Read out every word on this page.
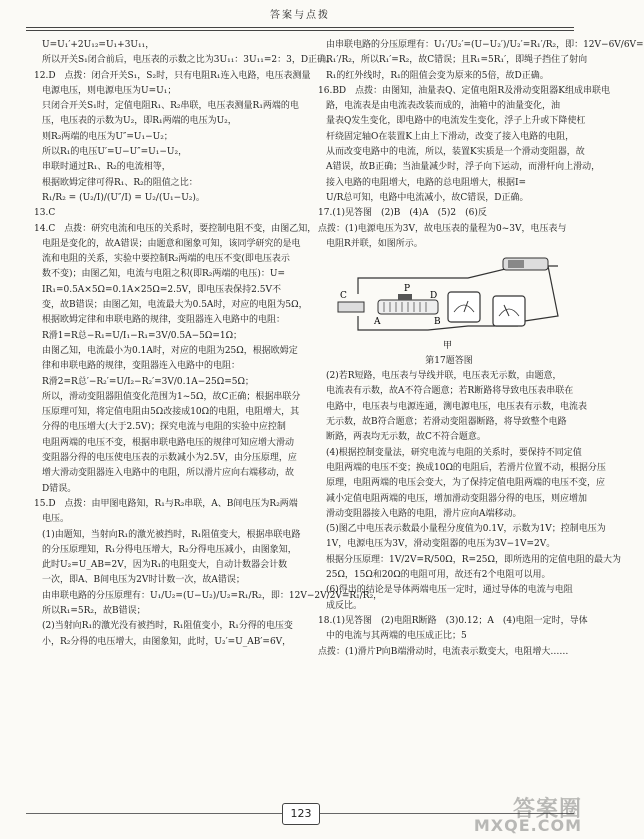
答案与点拨
U=U₁′+2U₁₂=U₁+3U₁₁，
所以开关S₁闭合前后，电压表的示数之比为3U₁₁：3U₁₁=2：3，D正确。
12.D　点拨：闭合开关S₁，S₂时，只有电阻R₁连入电路，电压表测量
电源电压，则电源电压为U=U₁；
只闭合开关S₁时，定值电阻R₁、R₂串联，电压表测量R₁两端的电
压，电压表的示数为U₂，即R₁两端的电压为U₂，
则R₂两端的电压为U″=U₁−U₂；
所以R₁的电压U′=U−U″=U₁−U₂，
串联时通过R₁、R₂的电流相等，
根据欧姆定律可得R₁、R₂的阻值之比：
R₁/R₂ = (U₂/I)/(U″/I) = U₂/(U₁−U₂)。
13.C
14.C　点拨：研究电流和电压的关系时，要控制电阻不变，由图乙知，
电阻是变化的，故A错误；由题意和图象可知，该同学研究的是电
流和电阻的关系，实验中要控制R₂两端的电压不变(即电压表示
数不变)；由图乙知，电流与电阻之积(即R₂两端的电压)：U=
IR₁=0.5A×5Ω=0.1A×25Ω=2.5V，即电压表保持2.5V不
变，故B错误；由图乙知，电流最大为0.5A时，对应的电阻为5Ω，
根据欧姆定律和串联电路的规律，变阻器连入电路中的电阻：
R滑1=R总−R₁=U/I₁−R₁=3V/0.5A−5Ω=1Ω；
由图乙知，电流最小为0.1A时，对应的电阻为25Ω，根据欧姆定
律和串联电路的规律，变阻器连入电路中的电阻：
R滑2=R总′−R₂′=U/I₂−R₂′=3V/0.1A−25Ω=5Ω；
所以，滑动变阻器阻值变化范围为1~5Ω，故C正确；根据串联分
压原理可知，将定值电阻由5Ω改接成10Ω的电阻，电阻增大，其
分得的电压增大(大于2.5V)；探究电流与电阻的实验中应控制
电阻两端的电压不变，根据串联电路电压的规律可知应增大滑动
变阻器分得的电压使电压表的示数减小为2.5V，由分压原理，应
增大滑动变阻器连入电路中的电阻，所以滑片应向右端移动，故
D错误。
15.D　点拨：由甲图电路知，R₁与R₂串联，A、B间电压为R₂两端
电压。
(1)由题知，当射向R₁的激光被挡时，R₁阻值变大，根据串联电路
的分压原理知，R₁分得电压增大，R₂分得电压减小，由图象知，
此时U₂=U_AB=2V，因为R₁的电阻变大，自动计数器会计数
一次，即A、B间电压为2V时计数一次，故A错误；
由串联电路的分压原理有：U₁/U₂=(U−U₂)/U₂=R₁/R₂，即：12V−2V/2V=R₁/R₂，
所以R₁=5R₂，故B错误；
(2)当射向R₁的激光没有被挡时，R₁阻值变小，R₁分得的电压变
小，R₂分得的电压增大，由图象知，此时，U₂′=U_AB′=6V，
由串联电路的分压原理有：U₁′/U₂′=(U−U₂′)/U₂′=R₁′/R₂，即：12V−6V/6V=
R₁′/R₂，所以R₁′=R₂，故C错误；且R₁=5R₁′，即绳子挡住了射向
R₁的红外线时，R₁的阻值会变为原来的5倍，故D正确。
16.BD　点拨：由图知，油量表Q、定值电阻R及滑动变阻器K组成串联电
路，电流表是由电流表改装而成的，油箱中的油量变化，油
量表Q发生变化，即电路中的电流发生变化，浮子上升或下降使杠
杆绕固定轴O在装置K上由上下滑动，改变了接入电路的电阻，
从而改变电路中的电流，所以，装置K实质是一个滑动变阻器，故
A错误，故B正确；当油量减少时，浮子向下运动，而滑杆向上滑动，
接入电路的电阻增大，电路的总电阻增大，根据I=
U/R总可知，电路中电流减小，故C错误，D正确。
17.(1)见答图　(2)B　(4)A　(5)2　(6)反
点拨：(1)电源电压为3V，故电压表的量程为0~3V，电压表与
电阻R并联，如图所示。
C
P
D
A	B
甲
第17题答图
(2)若R短路，电压表与导线并联，电压表无示数，由题意，
电流表有示数，故A不符合题意；若R断路将导致电压表串联在
电路中，电压表与电源连通，测电源电压，电压表有示数，电流表
无示数，故B符合题意；若滑动变阻器断路，将导致整个电路
断路，两表均无示数，故C不符合题意。
(4)根据控制变量法，研究电流与电阻的关系时，要保持不同定值
电阻两端的电压不变；换成10Ω的电阻后，若滑片位置不动，根据分压
原理，电阻两端的电压会变大，为了保持定值电阻两端的电压不变，应
减小定值电阻两端的电压，增加滑动变阻器分得的电压，则应增加
滑动变阻器接入电路的电阻，滑片应向A端移动。
(5)图乙中电压表示数最小量程分度值为0.1V，示数为1V；控制电压为
1V，电源电压为3V，滑动变阻器的电压为3V−1V=2V。
根据分压原理：1V/2V=R/50Ω，R=25Ω，即所选用的定值电阻的最大为
25Ω，15Ω和20Ω的电阻可用，故还有2个电阻可以用。
(6)得出的结论是导体两端电压一定时，通过导体的电流与电阻
成反比。
18.(1)见答图　(2)电阻R断路　(3)0.12；A　(4)电阻一定时，导体
中的电流与其两端的电压成正比；5
点拨：(1)滑片P向B端滑动时，电流表示数变大，电阻增大……
123	答案圈
MXQE.COM
